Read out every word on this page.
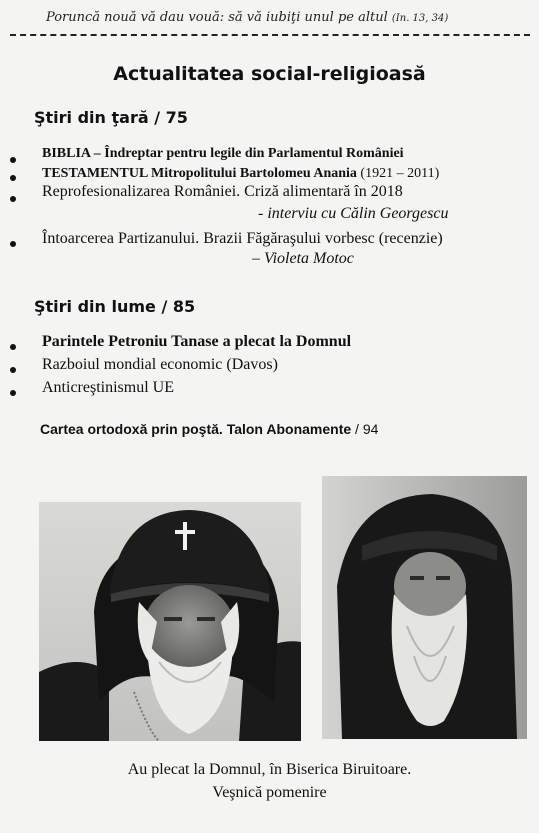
Poruncă nouă vă dau vouă: să vă iubiţi unul pe altul (In. 13, 34)
Actualitatea social-religioasă
Ştiri din ţară / 75
BIBLIA – Îndreptar pentru legile din Parlamentul României
TESTAMENTUL Mitropolitului Bartolomeu Anania (1921 – 2011)
Reprofesionalizarea României. Criză alimentară în 2018
- interviu cu Călin Georgescu
Întoarcerea Partizanului. Brazii Făgăraşului vorbesc (recenzie)
– Violeta Motoc
Ştiri din lume / 85
Parintele Petroniu Tanase a plecat la Domnul
Razboiul mondial economic (Davos)
Anticreştinismul UE
Cartea ortodoxă prin poştă. Talon Abonamente / 94
Au plecat la Domnul, în Biserica Biruitoare.
Veşnică pomenire
